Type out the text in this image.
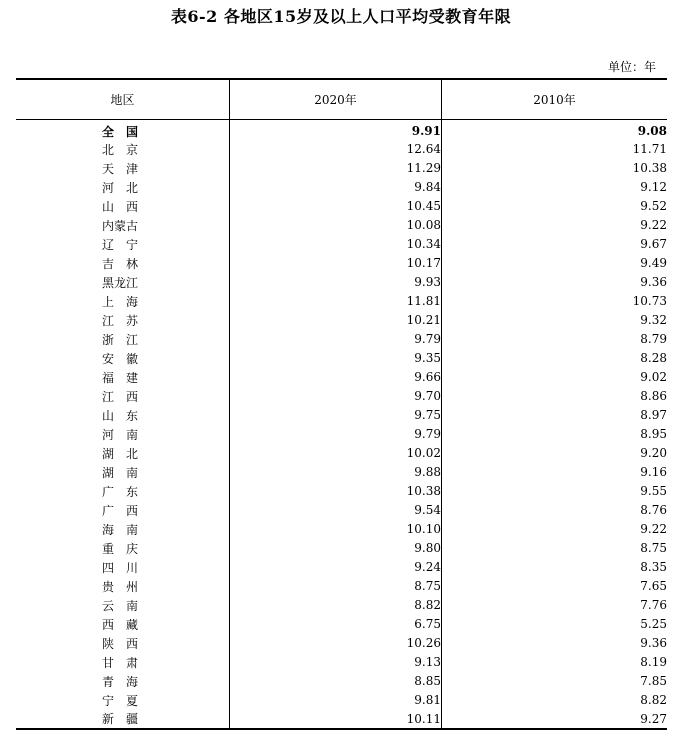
表6-2 各地区15岁及以上人口平均受教育年限
单位：年
地区	2020年	2010年
全国	9.91	9.08
北京	12.64	11.71
天津	11.29	10.38
河北	9.84	9.12
山西	10.45	9.52
内蒙古	10.08	9.22
辽宁	10.34	9.67
吉林	10.17	9.49
黑龙江	9.93	9.36
上海	11.81	10.73
江苏	10.21	9.32
浙江	9.79	8.79
安徽	9.35	8.28
福建	9.66	9.02
江西	9.70	8.86
山东	9.75	8.97
河南	9.79	8.95
湖北	10.02	9.20
湖南	9.88	9.16
广东	10.38	9.55
广西	9.54	8.76
海南	10.10	9.22
重庆	9.80	8.75
四川	9.24	8.35
贵州	8.75	7.65
云南	8.82	7.76
西藏	6.75	5.25
陕西	10.26	9.36
甘肃	9.13	8.19
青海	8.85	7.85
宁夏	9.81	8.82
新疆	10.11	9.27
